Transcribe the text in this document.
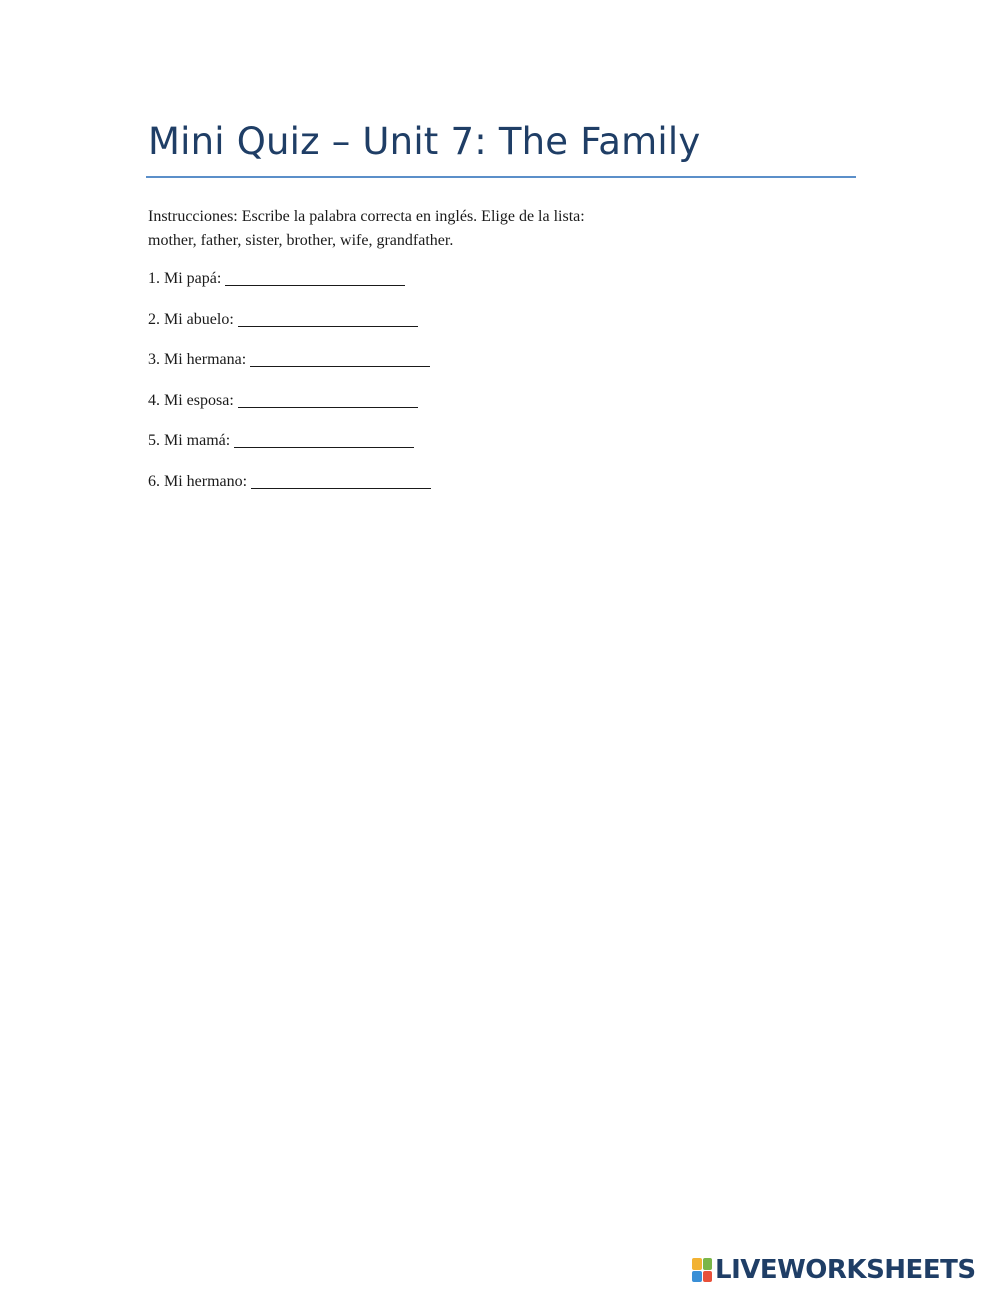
Mini Quiz – Unit 7: The Family
Instrucciones: Escribe la palabra correcta en inglés. Elige de la lista:
mother, father, sister, brother, wife, grandfather.
1. Mi papá:
2. Mi abuelo:
3. Mi hermana:
4. Mi esposa:
5. Mi mamá:
6. Mi hermano:
LIVEWORKSHEETS
